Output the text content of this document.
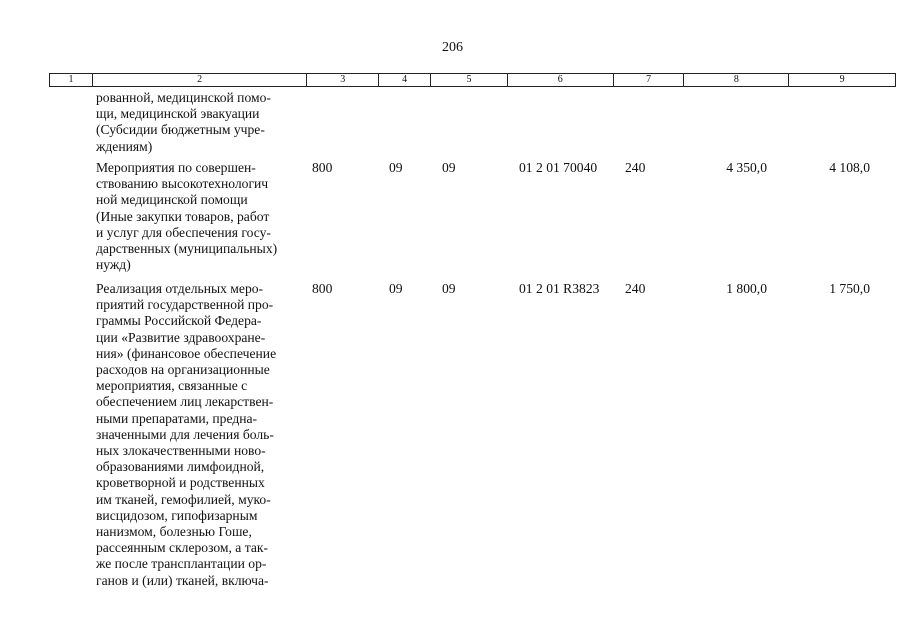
206
1	2	3	4	5	6	7	8	9
рованной, медицинской помо-
щи, медицинской эвакуации
(Субсидии бюджетным учре-
ждениям)
Мероприятия по совершен-
ствованию высокотехнологич
ной медицинской помощи
(Иные закупки товаров, работ
и услуг для обеспечения госу-
дарственных (муниципальных)
нужд)
800	09	09	01 2 01 70040 240	4 350,0	4 108,0
Реализация отдельных меро-
приятий государственной про-
граммы Российской Федера-
ции «Развитие здравоохране-
ния» (финансовое обеспечение
расходов на организационные
мероприятия, связанные с
обеспечением лиц лекарствен-
ными препаратами, предна-
значенными для лечения боль-
ных злокачественными ново-
образованиями лимфоидной,
кроветворной и родственных
им тканей, гемофилией, муко-
висцидозом, гипофизарным
нанизмом, болезнью Гоше,
рассеянным склерозом, а так-
же после трансплантации ор-
ганов и (или) тканей, включа-
800	09	09	01 2 01 R3823 240	1 800,0	1 750,0
